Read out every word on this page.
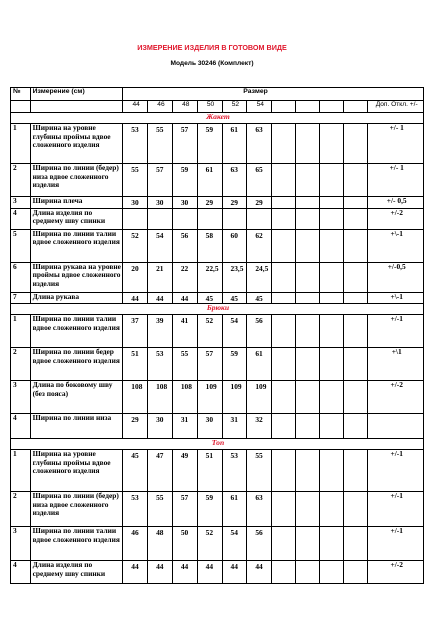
ИЗМЕРЕНИЕ ИЗДЕЛИЯ В ГОТОВОМ ВИДЕ
Модель 30246 (Комплект)
№	Измерение (см)	Размер										
		44	46	48	50	52	54					Доп. Откл. +/-
Жакет												
1	Ширина на уровне глубины проймы вдвое сложенного изделия	53	55	57	59	61	63					+/- 1
2	Ширина по линии (бедер) низа вдвое сложенного изделия	55	57	59	61	63	65					+/- 1
3	Ширина плеча	30	30	30	29	29	29					+/- 0,5
4	Длина изделия по среднему шву спинки											+/-2
5	Ширина по линии талии вдвое сложенного изделия	52	54	56	58	60	62					+\-1
6	Ширина рукава на уровне проймы вдвое сложенного изделия	20	21	22	22,5	23,5	24,5					+/-0,5
7	Длина рукава	44	44	44	45	45	45					+\-1
Брюки												
1	Ширина по линии талии вдвое сложенного изделия	37	39	41	52	54	56					+/-1
2	Ширина по линии бедер вдвое сложенного изделия	51	53	55	57	59	61					+\1
3	Длина по боковому шву (без пояса)	108	108	108	109	109	109					+/-2
4	Ширина по линии низа	29	30	31	30	31	32					
Топ												
1	Ширина на уровне глубины проймы вдвое сложенного изделия	45	47	49	51	53	55					+/-1
2	Ширина по линии (бедер) низа вдвое сложенного изделия	53	55	57	59	61	63					+/-1
3	Ширина по линии талии вдвое сложенного изделия	46	48	50	52	54	56					+/-1
4	Длина изделия по среднему шву спинки	44	44	44	44	44	44					+/-2
